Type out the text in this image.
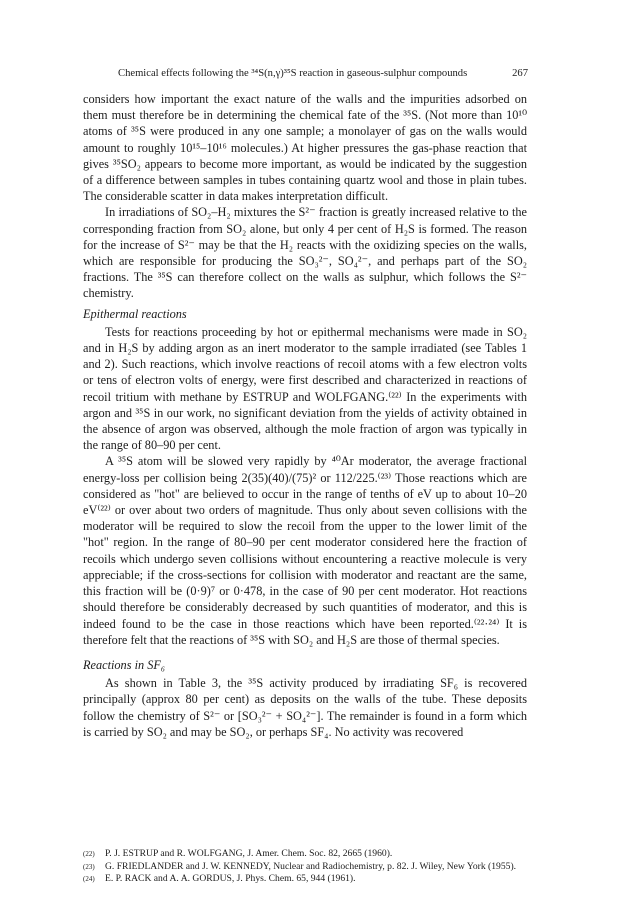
Chemical effects following the ³⁴S(n,γ)³⁵S reaction in gaseous-sulphur compounds	267

considers how important the exact nature of the walls and the impurities adsorbed on them must therefore be in determining the chemical fate of the ³⁵S. (Not more than 10¹⁰ atoms of ³⁵S were produced in any one sample; a monolayer of gas on the walls would amount to roughly 10¹⁵–10¹⁶ molecules.) At higher pressures the gas-phase reaction that gives ³⁵SO₂ appears to become more important, as would be indicated by the suggestion of a difference between samples in tubes containing quartz wool and those in plain tubes. The considerable scatter in data makes interpretation difficult.

In irradiations of SO₂–H₂ mixtures the S²⁻ fraction is greatly increased relative to the corresponding fraction from SO₂ alone, but only 4 per cent of H₂S is formed. The reason for the increase of S²⁻ may be that the H₂ reacts with the oxidizing species on the walls, which are responsible for producing the SO₃²⁻, SO₄²⁻, and perhaps part of the SO₂ fractions. The ³⁵S can therefore collect on the walls as sulphur, which follows the S²⁻ chemistry.

Epithermal reactions

Tests for reactions proceeding by hot or epithermal mechanisms were made in SO₂ and in H₂S by adding argon as an inert moderator to the sample irradiated (see Tables 1 and 2). Such reactions, which involve reactions of recoil atoms with a few electron volts or tens of electron volts of energy, were first described and characterized in reactions of recoil tritium with methane by ESTRUP and WOLFGANG.⁽²²⁾ In the experiments with argon and ³⁵S in our work, no significant deviation from the yields of activity obtained in the absence of argon was observed, although the mole fraction of argon was typically in the range of 80–90 per cent.

A ³⁵S atom will be slowed very rapidly by ⁴⁰Ar moderator, the average fractional energy-loss per collision being 2(35)(40)/(75)² or 112/225.⁽²³⁾ Those reactions which are considered as "hot" are believed to occur in the range of tenths of eV up to about 10–20 eV⁽²²⁾ or over about two orders of magnitude. Thus only about seven collisions with the moderator will be required to slow the recoil from the upper to the lower limit of the "hot" region. In the range of 80–90 per cent moderator considered here the fraction of recoils which undergo seven collisions without encountering a reactive molecule is very appreciable; if the cross-sections for collision with moderator and reactant are the same, this fraction will be (0·9)⁷ or 0·478, in the case of 90 per cent moderator. Hot reactions should therefore be considerably decreased by such quantities of moderator, and this is indeed found to be the case in those reactions which have been reported.⁽²²·²⁴⁾ It is therefore felt that the reactions of ³⁵S with SO₂ and H₂S are those of thermal species.

Reactions in SF₆

As shown in Table 3, the ³⁵S activity produced by irradiating SF₆ is recovered principally (approx 80 per cent) as deposits on the walls of the tube. These deposits follow the chemistry of S²⁻ or [SO₃²⁻ + SO₄²⁻]. The remainder is found in a form which is carried by SO₂ and may be SO₂, or perhaps SF₄. No activity was recovered

(22) P. J. ESTRUP and R. WOLFGANG, J. Amer. Chem. Soc. 82, 2665 (1960).
(23) G. FRIEDLANDER and J. W. KENNEDY, Nuclear and Radiochemistry, p. 82. J. Wiley, New York (1955).
(24) E. P. RACK and A. A. GORDUS, J. Phys. Chem. 65, 944 (1961).
